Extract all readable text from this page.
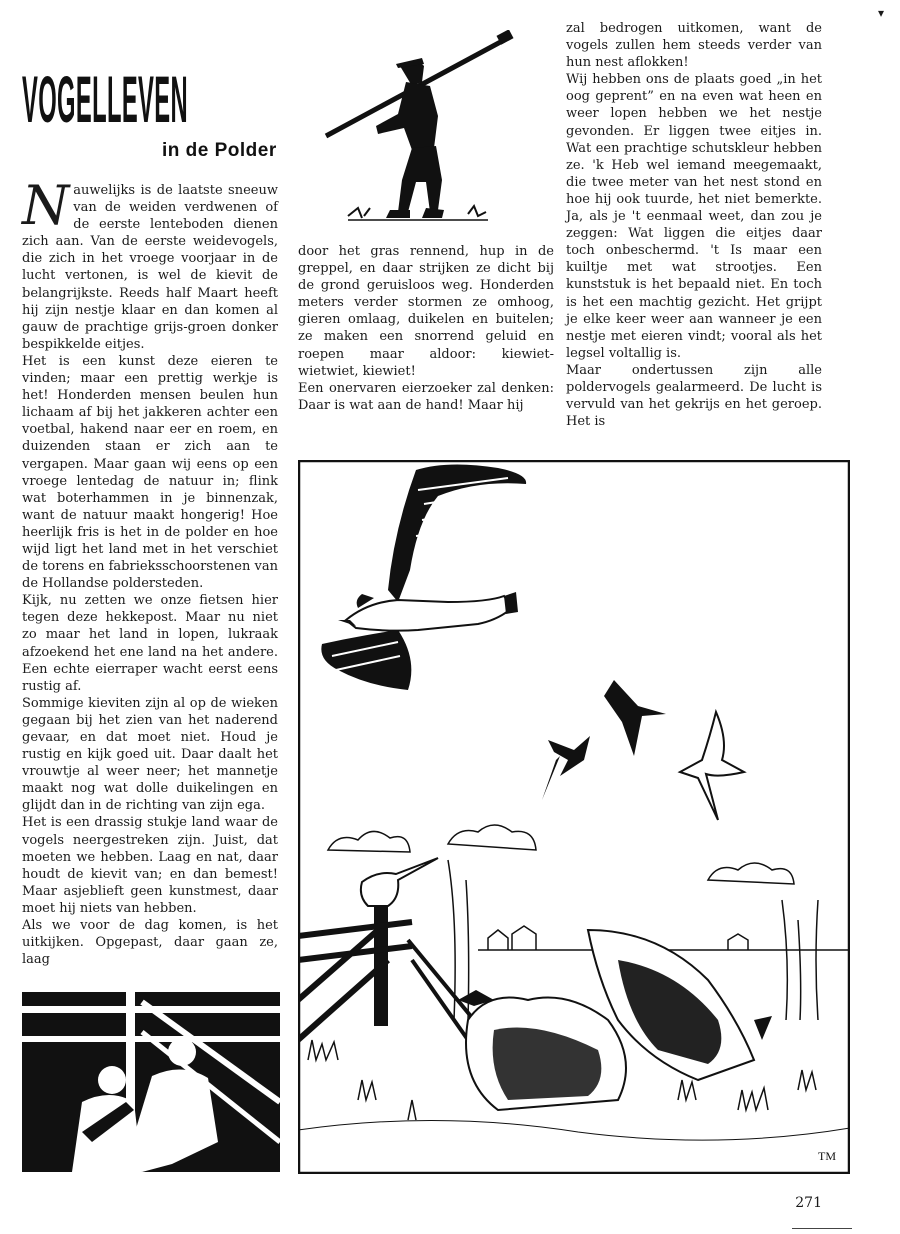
▾
VOGELLEVEN
in de Polder
N auwelijks is de laatste sneeuw van de weiden verdwenen of de eerste lenteboden dienen zich aan. Van de eerste weidevogels, die zich in het vroege voorjaar in de lucht vertonen, is wel de kievit de belangrijkste. Reeds half Maart heeft hij zijn nestje klaar en dan komen al gauw de prachtige grijs-groen donker bespikkelde eitjes.

Het is een kunst deze eieren te vinden; maar een prettig werkje is het! Honderden mensen beulen hun lichaam af bij het jakkeren achter een voetbal, hakend naar eer en roem, en duizenden staan er zich aan te vergapen. Maar gaan wij eens op een vroege lentedag de natuur in; flink wat boterhammen in je binnenzak, want de natuur maakt hongerig! Hoe heerlijk fris is het in de polder en hoe wijd ligt het land met in het verschiet de torens en fabrieksschoorstenen van de Hollandse poldersteden.

Kijk, nu zetten we onze fietsen hier tegen deze hekkepost. Maar nu niet zo maar het land in lopen, lukraak afzoekend het ene land na het andere. Een echte eierraper wacht eerst eens rustig af.

Sommige kieviten zijn al op de wieken gegaan bij het zien van het naderend gevaar, en dat moet niet. Houd je rustig en kijk goed uit. Daar daalt het vrouwtje al weer neer; het mannetje maakt nog wat dolle duikelingen en glijdt dan in de richting van zijn ega.

Het is een drassig stukje land waar de vogels neergestreken zijn. Juist, dat moeten we hebben. Laag en nat, daar houdt de kievit van; en dan bemest! Maar asjeblieft geen kunstmest, daar moet hij niets van hebben.

Als we voor de dag komen, is het uitkijken. Opgepast, daar gaan ze, laag

door het gras rennend, hup in de greppel, en daar strijken ze dicht bij de grond geruisloos weg. Honderden meters verder stormen ze omhoog, gieren omlaag, duikelen en buitelen; ze maken een snorrend geluid en roepen maar aldoor: kiewiet- wietwiet, kiewiet!

Een onervaren eierzoeker zal denken: Daar is wat aan de hand! Maar hij

zal bedrogen uitkomen, want de vogels zullen hem steeds verder van hun nest aflokken!

Wij hebben ons de plaats goed „in het oog geprent” en na even wat heen en weer lopen hebben we het nestje gevonden. Er liggen twee eitjes in. Wat een prachtige schutskleur hebben ze. 'k Heb wel iemand meegemaakt, die twee meter van het nest stond en hoe hij ook tuurde, het niet bemerkte. Ja, als je 't eenmaal weet, dan zou je zeggen: Wat liggen die eitjes daar toch onbeschermd. 't Is maar een kuiltje met wat strootjes. Een kunststuk is het bepaald niet. En toch is het een machtig gezicht. Het grijpt je elke keer weer aan wanneer je een nestje met eieren vindt; vooral als het legsel voltallig is.

Maar ondertussen zijn alle poldervogels gealarmeerd. De lucht is vervuld van het gekrijs en het geroep. Het is

TM
271
